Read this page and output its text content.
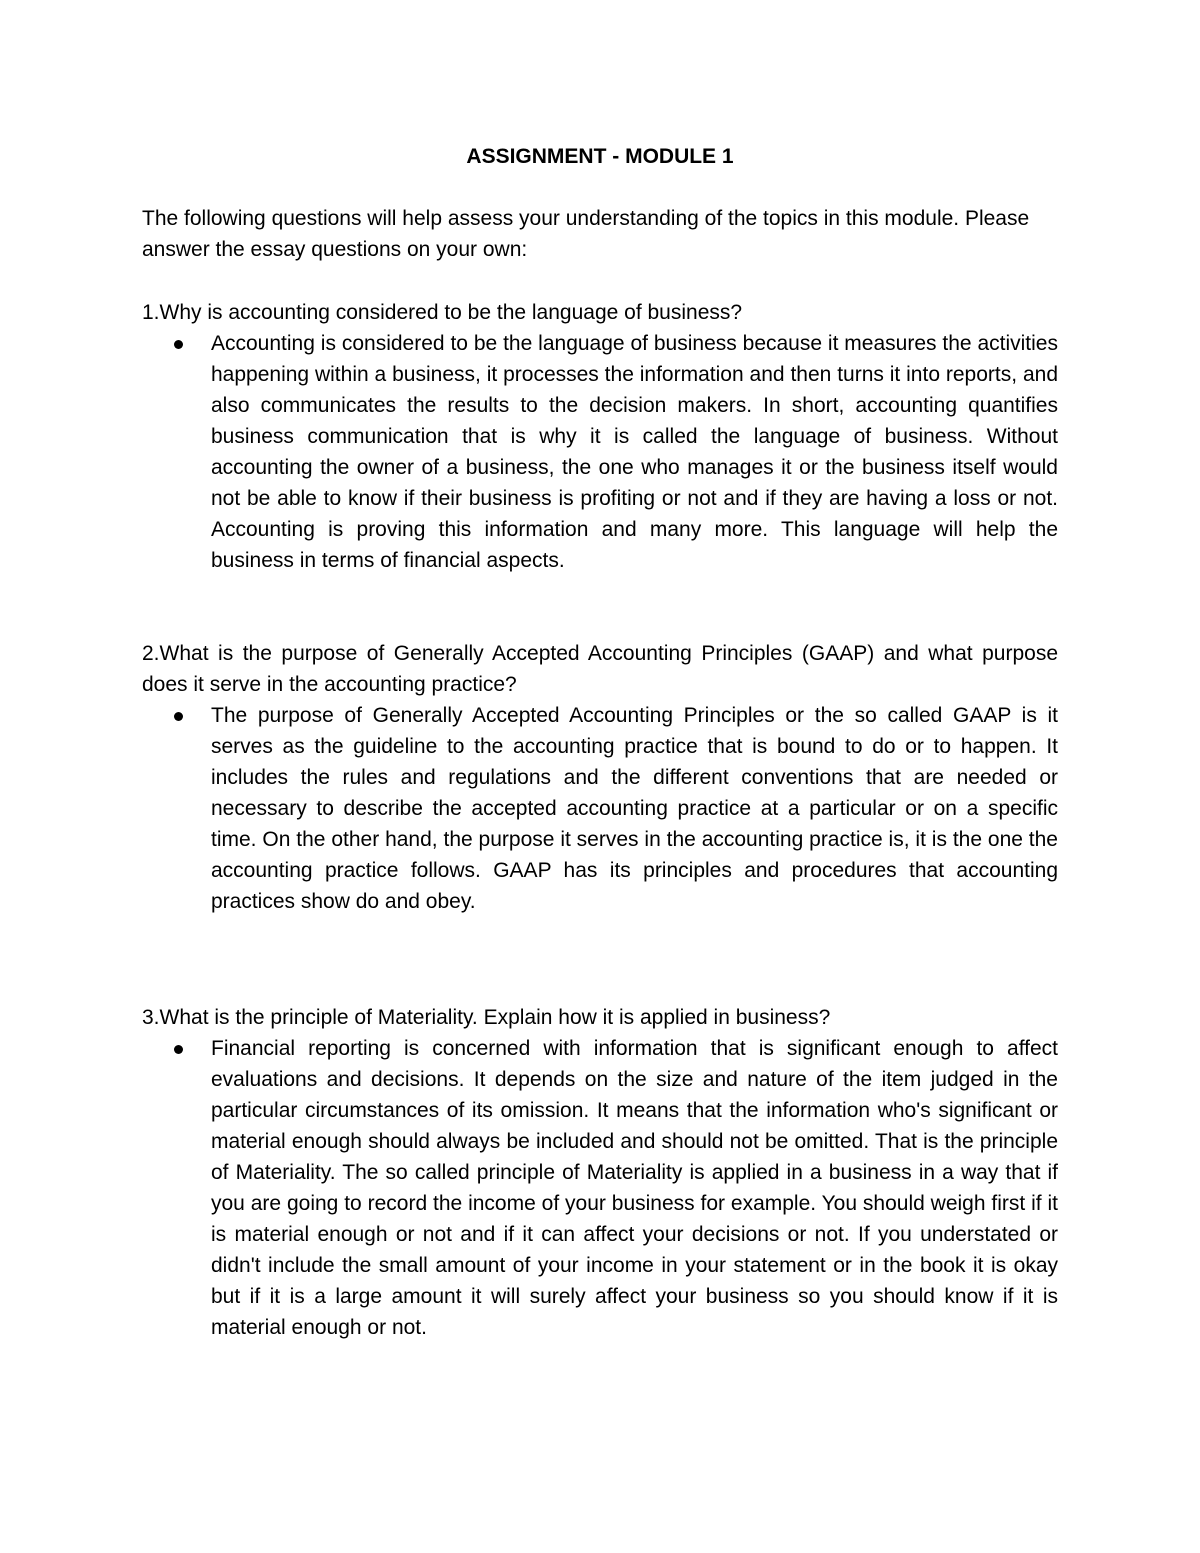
ASSIGNMENT - MODULE 1

The following questions will help assess your understanding of the topics in this module. Please answer the essay questions on your own:

1.Why is accounting considered to be the language of business?

Accounting is considered to be the language of business because it measures the activities happening within a business, it processes the information and then turns it into reports, and also communicates the results to the decision makers. In short, accounting quantifies business communication that is why it is called the language of business. Without accounting the owner of a business, the one who manages it or the business itself would not be able to know if their business is profiting or not and if they are having a loss or not. Accounting is proving this information and many more. This language will help the business in terms of financial aspects.

2.What is the purpose of Generally Accepted Accounting Principles (GAAP) and what purpose does it serve in the accounting practice?

The purpose of Generally Accepted Accounting Principles or the so called GAAP is it serves as the guideline to the accounting practice that is bound to do or to happen. It includes the rules and regulations and the different conventions that are needed or necessary to describe the accepted accounting practice at a particular or on a specific time. On the other hand, the purpose it serves in the accounting practice is, it is the one the accounting practice follows. GAAP has its principles and procedures that accounting practices show do and obey.

3.What is the principle of Materiality. Explain how it is applied in business?

Financial reporting is concerned with information that is significant enough to affect evaluations and decisions. It depends on the size and nature of the item judged in the particular circumstances of its omission. It means that the information who's significant or material enough should always be included and should not be omitted. That is the principle of Materiality. The so called principle of Materiality is applied in a business in a way that if you are going to record the income of your business for example. You should weigh first if it is material enough or not and if it can affect your decisions or not. If you understated or didn't include the small amount of your income in your statement or in the book it is okay but if it is a large amount it will surely affect your business so you should know if it is material enough or not.
